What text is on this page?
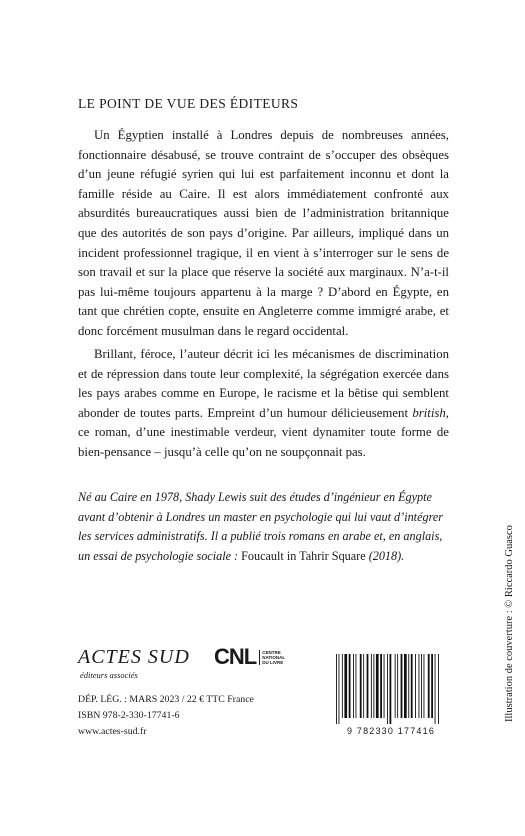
LE POINT DE VUE DES ÉDITEURS

Un Égyptien installé à Londres depuis de nombreuses années, fonctionnaire désabusé, se trouve contraint de s’occuper des obsèques d’un jeune réfugié syrien qui lui est parfaitement inconnu et dont la famille réside au Caire. Il est alors immédiatement confronté aux absurdités bureaucratiques aussi bien de l’administration britannique que des autorités de son pays d’origine. Par ailleurs, impliqué dans un incident professionnel tragique, il en vient à s’interroger sur le sens de son travail et sur la place que réserve la société aux marginaux. N’a-t-il pas lui-même toujours appartenu à la marge ? D’abord en Égypte, en tant que chrétien copte, ensuite en Angleterre comme immigré arabe, et donc forcément musulman dans le regard occidental.

Brillant, féroce, l’auteur décrit ici les mécanismes de discrimination et de répression dans toute leur complexité, la ségrégation exercée dans les pays arabes comme en Europe, le racisme et la bêtise qui semblent abonder de toutes parts. Empreint d’un humour délicieusement british, ce roman, d’une inestimable verdeur, vient dynamiter toute forme de bien-pensance – jusqu’à celle qu’on ne soupçonnait pas.

Né au Caire en 1978, Shady Lewis suit des études d’ingénieur en Égypte avant d’obtenir à Londres un master en psychologie qui lui vaut d’intégrer les services administratifs. Il a publié trois romans en arabe et, en anglais, un essai de psychologie sociale : Foucault in Tahrir Square (2018).	Illustration de couverture : © Riccardo Guasco
ACTES SUD
éditeurs associés
CNL	CENTRE
NATIONAL
DU LIVRE
DÉP. LÉG. : MARS 2023 / 22 € TTC France
ISBN 978-2-330-17741-6
www.actes-sud.fr	9 782330 177416
